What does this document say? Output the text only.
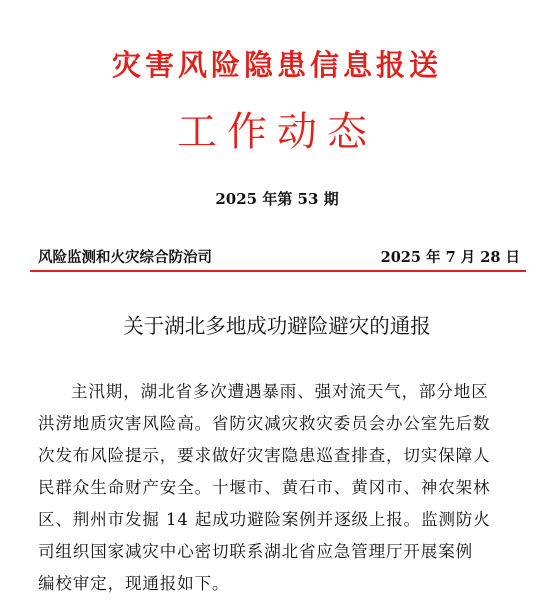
灾害风险隐患信息报送
工作动态
2025 年第 53 期
风险监测和火灾综合防治司	2025 年 7 月 28 日
关于湖北多地成功避险避灾的通报
主汛期，湖北省多次遭遇暴雨、强对流天气，部分地区
洪涝地质灾害风险高。省防灾减灾救灾委员会办公室先后数
次发布风险提示，要求做好灾害隐患巡查排查，切实保障人
民群众生命财产安全。十堰市、黄石市、黄冈市、神农架林
区、荆州市发掘 14 起成功避险案例并逐级上报。监测防火
司组织国家减灾中心密切联系湖北省应急管理厅开展案例
编校审定，现通报如下。
